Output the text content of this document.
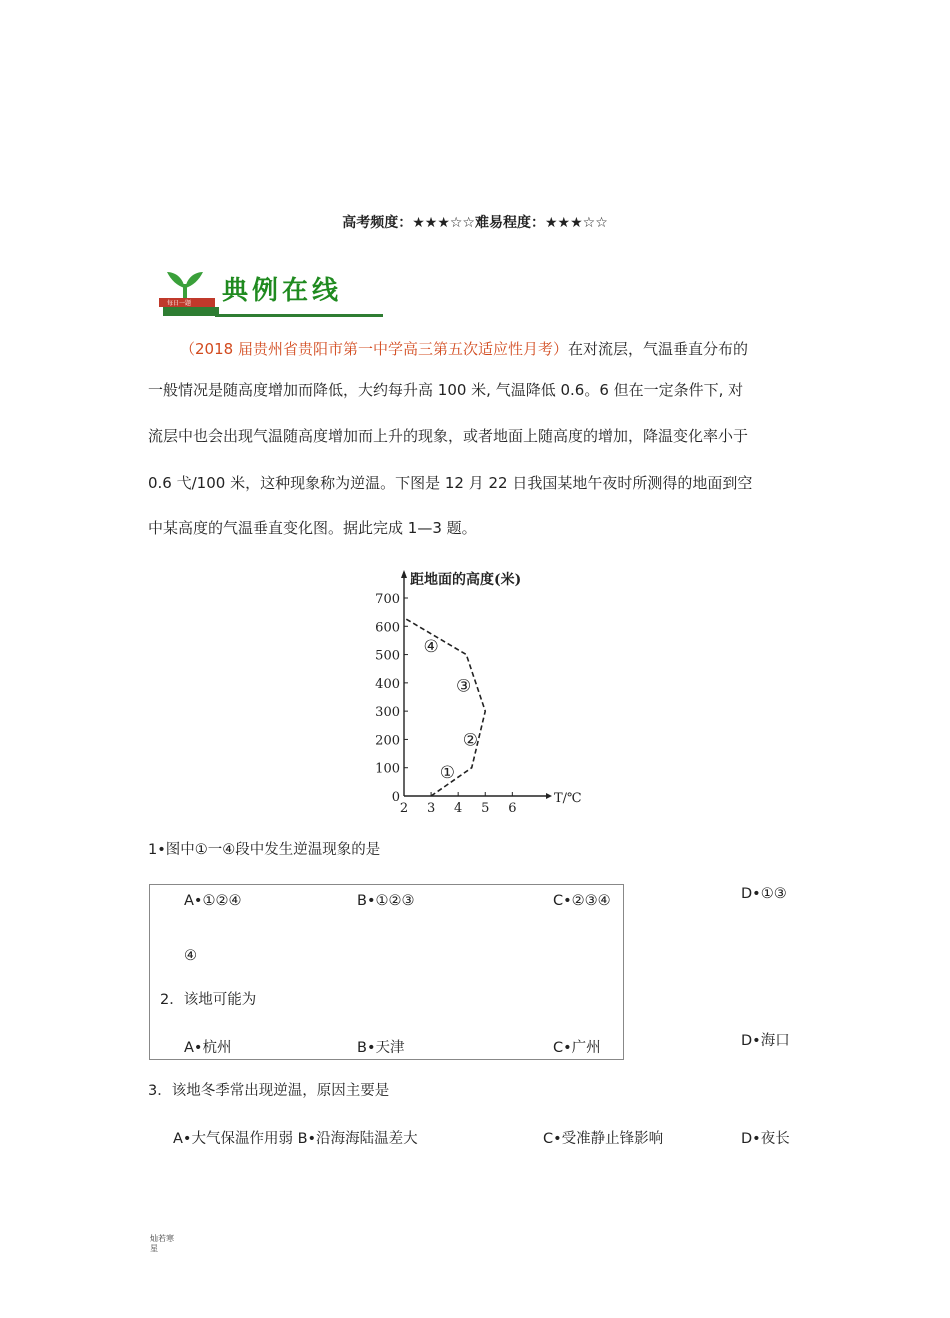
高考频度：★★★☆☆难易程度：★★★☆☆
每日一题 典例在线
（2018 届贵州省贵阳市第一中学高三第五次适应性月考）在对流层，气温垂直分布的
一般情况是随高度增加而降低，大约每升高 100 米, 气温降低 0.6。6 但在一定条件下, 对
流层中也会出现气温随高度增加而上升的现象，或者地面上随高度的增加，降温变化率小于
0.6 弋/100 米，这种现象称为逆温。下图是 12 月 22 日我国某地午夜时所测得的地面到空
中某高度的气温垂直变化图。据此完成 1—3 题。
距地面的高度(米)
T/℃
0
100
200
300
400
500
600
700
2 3 4 5 6
①
②
③
④
1•图中①一④段中发生逆温现象的是
A•①②④	B•①②③	C•②③④	D•①③
④
2．该地可能为
A•杭州	B•天津	C•广州	D•海口
3．该地冬季常出现逆温，原因主要是
A•大气保温作用弱 B•沿海海陆温差大	C•受准静止锋影响	D•夜长
灿若寒
星
